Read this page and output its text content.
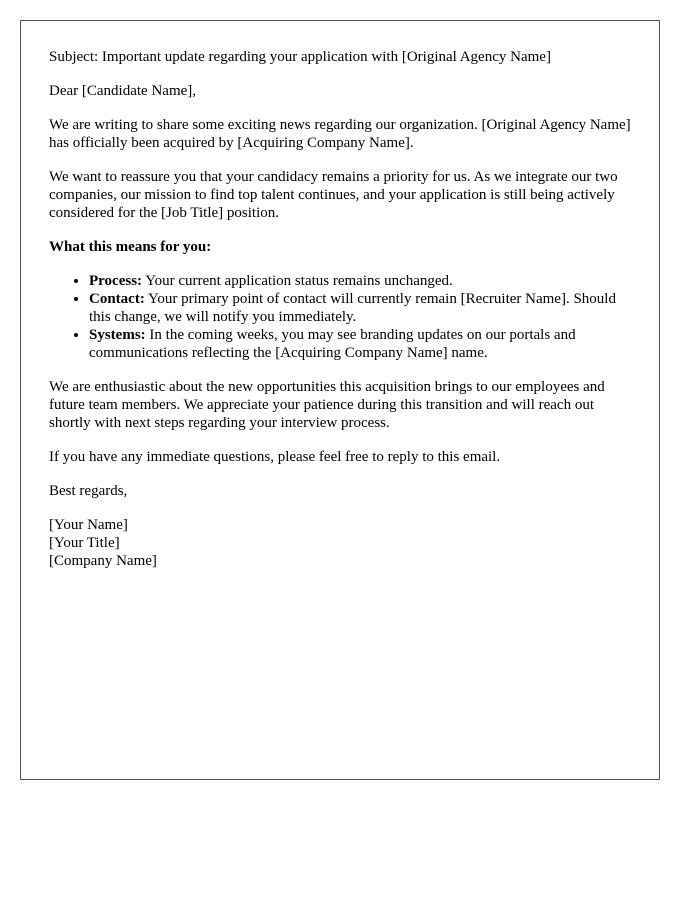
Subject: Important update regarding your application with [Original Agency Name]

Dear [Candidate Name],

We are writing to share some exciting news regarding our organization. [Original Agency Name] has officially been acquired by [Acquiring Company Name].

We want to reassure you that your candidacy remains a priority for us. As we integrate our two companies, our mission to find top talent continues, and your application is still being actively considered for the [Job Title] position.

What this means for you:

• Process: Your current application status remains unchanged.
• Contact: Your primary point of contact will currently remain [Recruiter Name]. Should this change, we will notify you immediately.
• Systems: In the coming weeks, you may see branding updates on our portals and communications reflecting the [Acquiring Company Name] name.

We are enthusiastic about the new opportunities this acquisition brings to our employees and future team members. We appreciate your patience during this transition and will reach out shortly with next steps regarding your interview process.

If you have any immediate questions, please feel free to reply to this email.

Best regards,

[Your Name]

[Your Title]

[Company Name]
